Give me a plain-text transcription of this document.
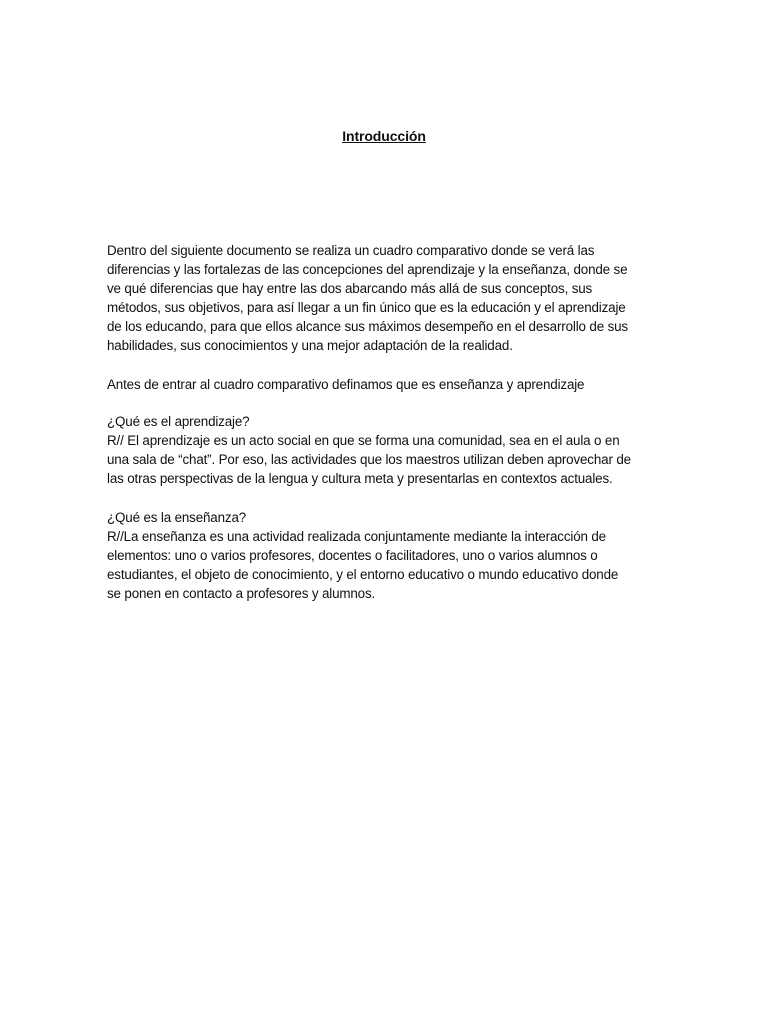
Introducción
Dentro del siguiente documento se realiza un cuadro comparativo donde se verá las
diferencias y las fortalezas de las concepciones del aprendizaje y la enseñanza, donde se
ve qué diferencias que hay entre las dos abarcando más allá de sus conceptos, sus
métodos, sus objetivos, para así llegar a un fin único que es la educación y el aprendizaje
de los educando, para que ellos alcance sus máximos desempeño en el desarrollo de sus
habilidades, sus conocimientos y una mejor adaptación de la realidad.
Antes de entrar al cuadro comparativo definamos que es enseñanza y aprendizaje
¿Qué es el aprendizaje?
R// El aprendizaje es un acto social en que se forma una comunidad, sea en el aula o en
una sala de “chat”. Por eso, las actividades que los maestros utilizan deben aprovechar de
las otras perspectivas de la lengua y cultura meta y presentarlas en contextos actuales.
¿Qué es la enseñanza?
R//La enseñanza es una actividad realizada conjuntamente mediante la interacción de
elementos: uno o varios profesores, docentes o facilitadores, uno o varios alumnos o
estudiantes, el objeto de conocimiento, y el entorno educativo o mundo educativo donde
se ponen en contacto a profesores y alumnos.
